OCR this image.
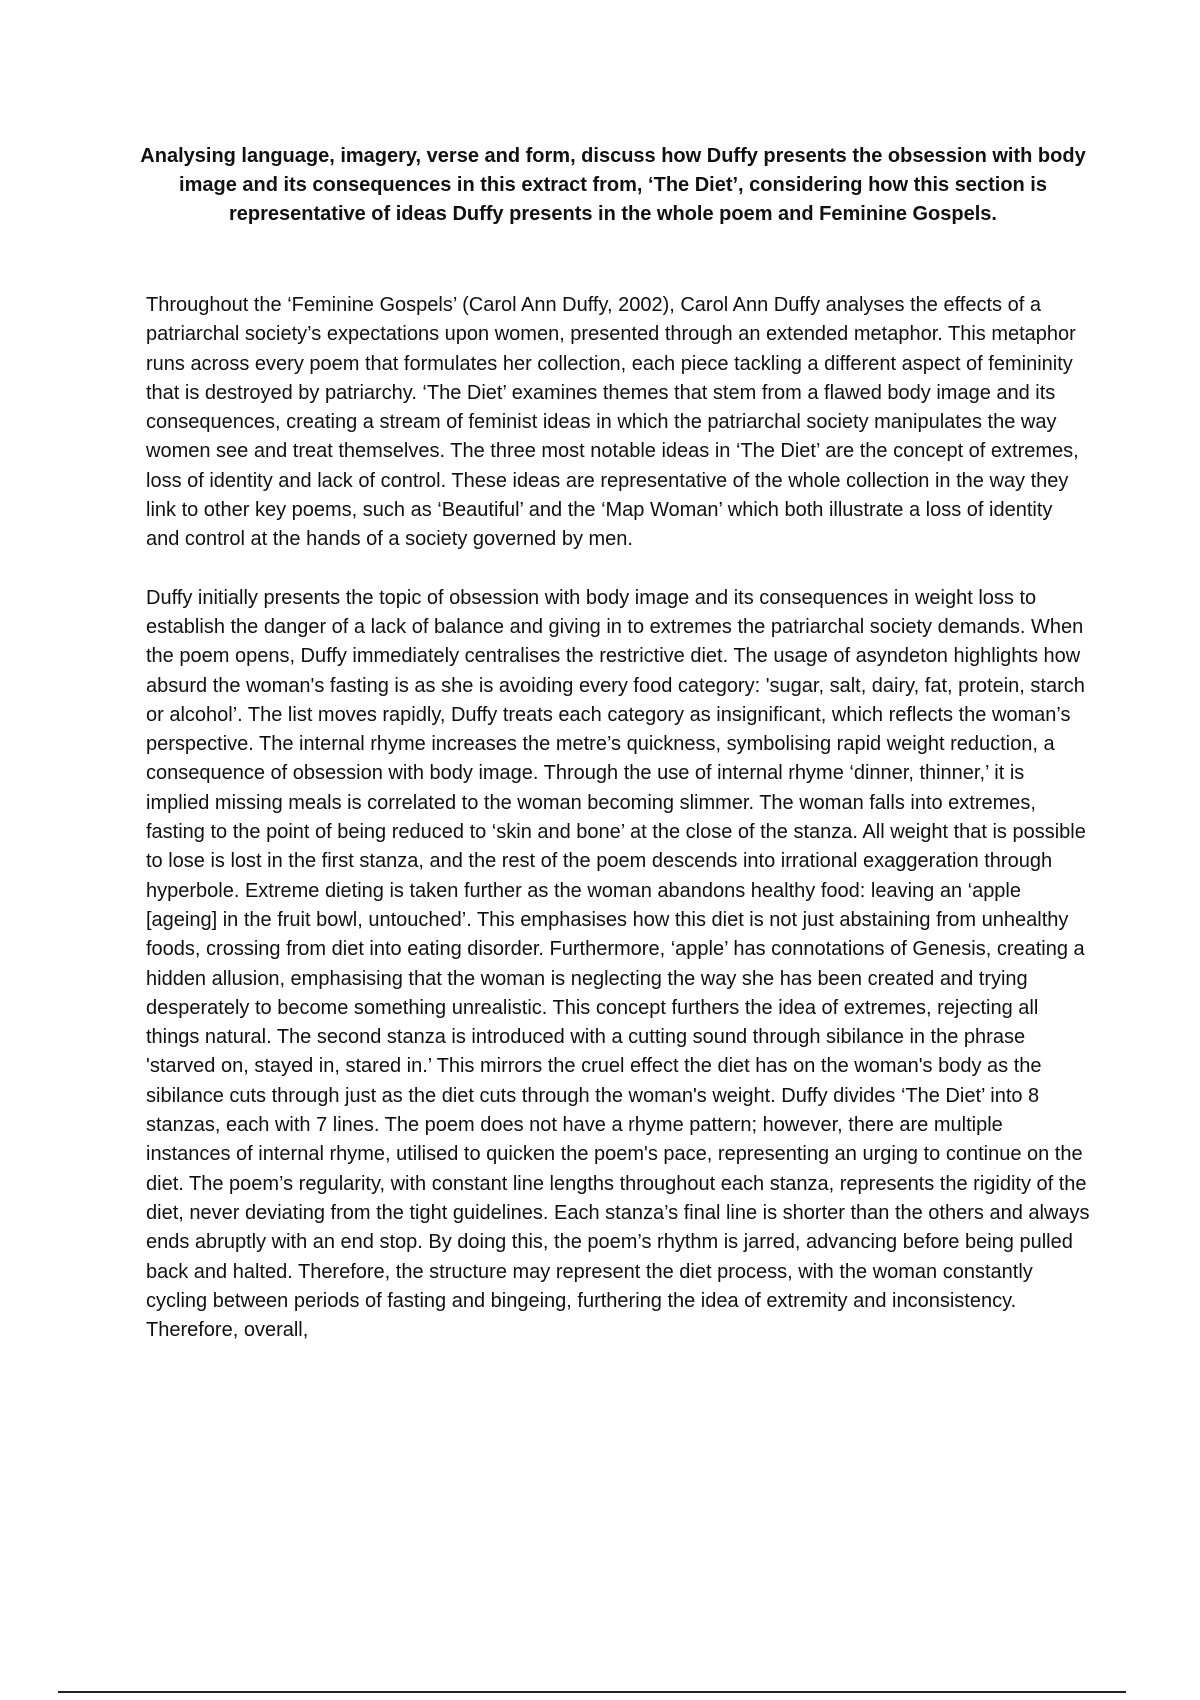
Analysing language, imagery, verse and form, discuss how Duffy presents the obsession with body image and its consequences in this extract from, ‘The Diet’, considering how this section is representative of ideas Duffy presents in the whole poem and Feminine Gospels.

Throughout the ‘Feminine Gospels’ (Carol Ann Duffy, 2002), Carol Ann Duffy analyses the effects of a patriarchal society’s expectations upon women, presented through an extended metaphor. This metaphor runs across every poem that formulates her collection, each piece tackling a different aspect of femininity that is destroyed by patriarchy. ‘The Diet’ examines themes that stem from a flawed body image and its consequences, creating a stream of feminist ideas in which the patriarchal society manipulates the way women see and treat themselves. The three most notable ideas in ‘The Diet’ are the concept of extremes, loss of identity and lack of control. These ideas are representative of the whole collection in the way they link to other key poems, such as ‘Beautiful’ and the ‘Map Woman’ which both illustrate a loss of identity and control at the hands of a society governed by men.

Duffy initially presents the topic of obsession with body image and its consequences in weight loss to establish the danger of a lack of balance and giving in to extremes the patriarchal society demands. When the poem opens, Duffy immediately centralises the restrictive diet. The usage of asyndeton highlights how absurd the woman's fasting is as she is avoiding every food category: 'sugar, salt, dairy, fat, protein, starch or alcohol’. The list moves rapidly, Duffy treats each category as insignificant, which reflects the woman’s perspective. The internal rhyme increases the metre’s quickness, symbolising rapid weight reduction, a consequence of obsession with body image. Through the use of internal rhyme ‘dinner, thinner,’ it is implied missing meals is correlated to the woman becoming slimmer. The woman falls into extremes, fasting to the point of being reduced to ‘skin and bone’ at the close of the stanza. All weight that is possible to lose is lost in the first stanza, and the rest of the poem descends into irrational exaggeration through hyperbole. Extreme dieting is taken further as the woman abandons healthy food: leaving an ‘apple [ageing] in the fruit bowl, untouched’. This emphasises how this diet is not just abstaining from unhealthy foods, crossing from diet into eating disorder. Furthermore, ‘apple’ has connotations of Genesis, creating a hidden allusion, emphasising that the woman is neglecting the way she has been created and trying desperately to become something unrealistic. This concept furthers the idea of extremes, rejecting all things natural. The second stanza is introduced with a cutting sound through sibilance in the phrase 'starved on, stayed in, stared in.’ This mirrors the cruel effect the diet has on the woman's body as the sibilance cuts through just as the diet cuts through the woman's weight. Duffy divides ‘The Diet’ into 8 stanzas, each with 7 lines. The poem does not have a rhyme pattern; however, there are multiple instances of internal rhyme, utilised to quicken the poem's pace, representing an urging to continue on the diet. The poem’s regularity, with constant line lengths throughout each stanza, represents the rigidity of the diet, never deviating from the tight guidelines. Each stanza’s final line is shorter than the others and always ends abruptly with an end stop. By doing this, the poem’s rhythm is jarred, advancing before being pulled back and halted. Therefore, the structure may represent the diet process, with the woman constantly cycling between periods of fasting and bingeing, furthering the idea of extremity and inconsistency. Therefore, overall,
